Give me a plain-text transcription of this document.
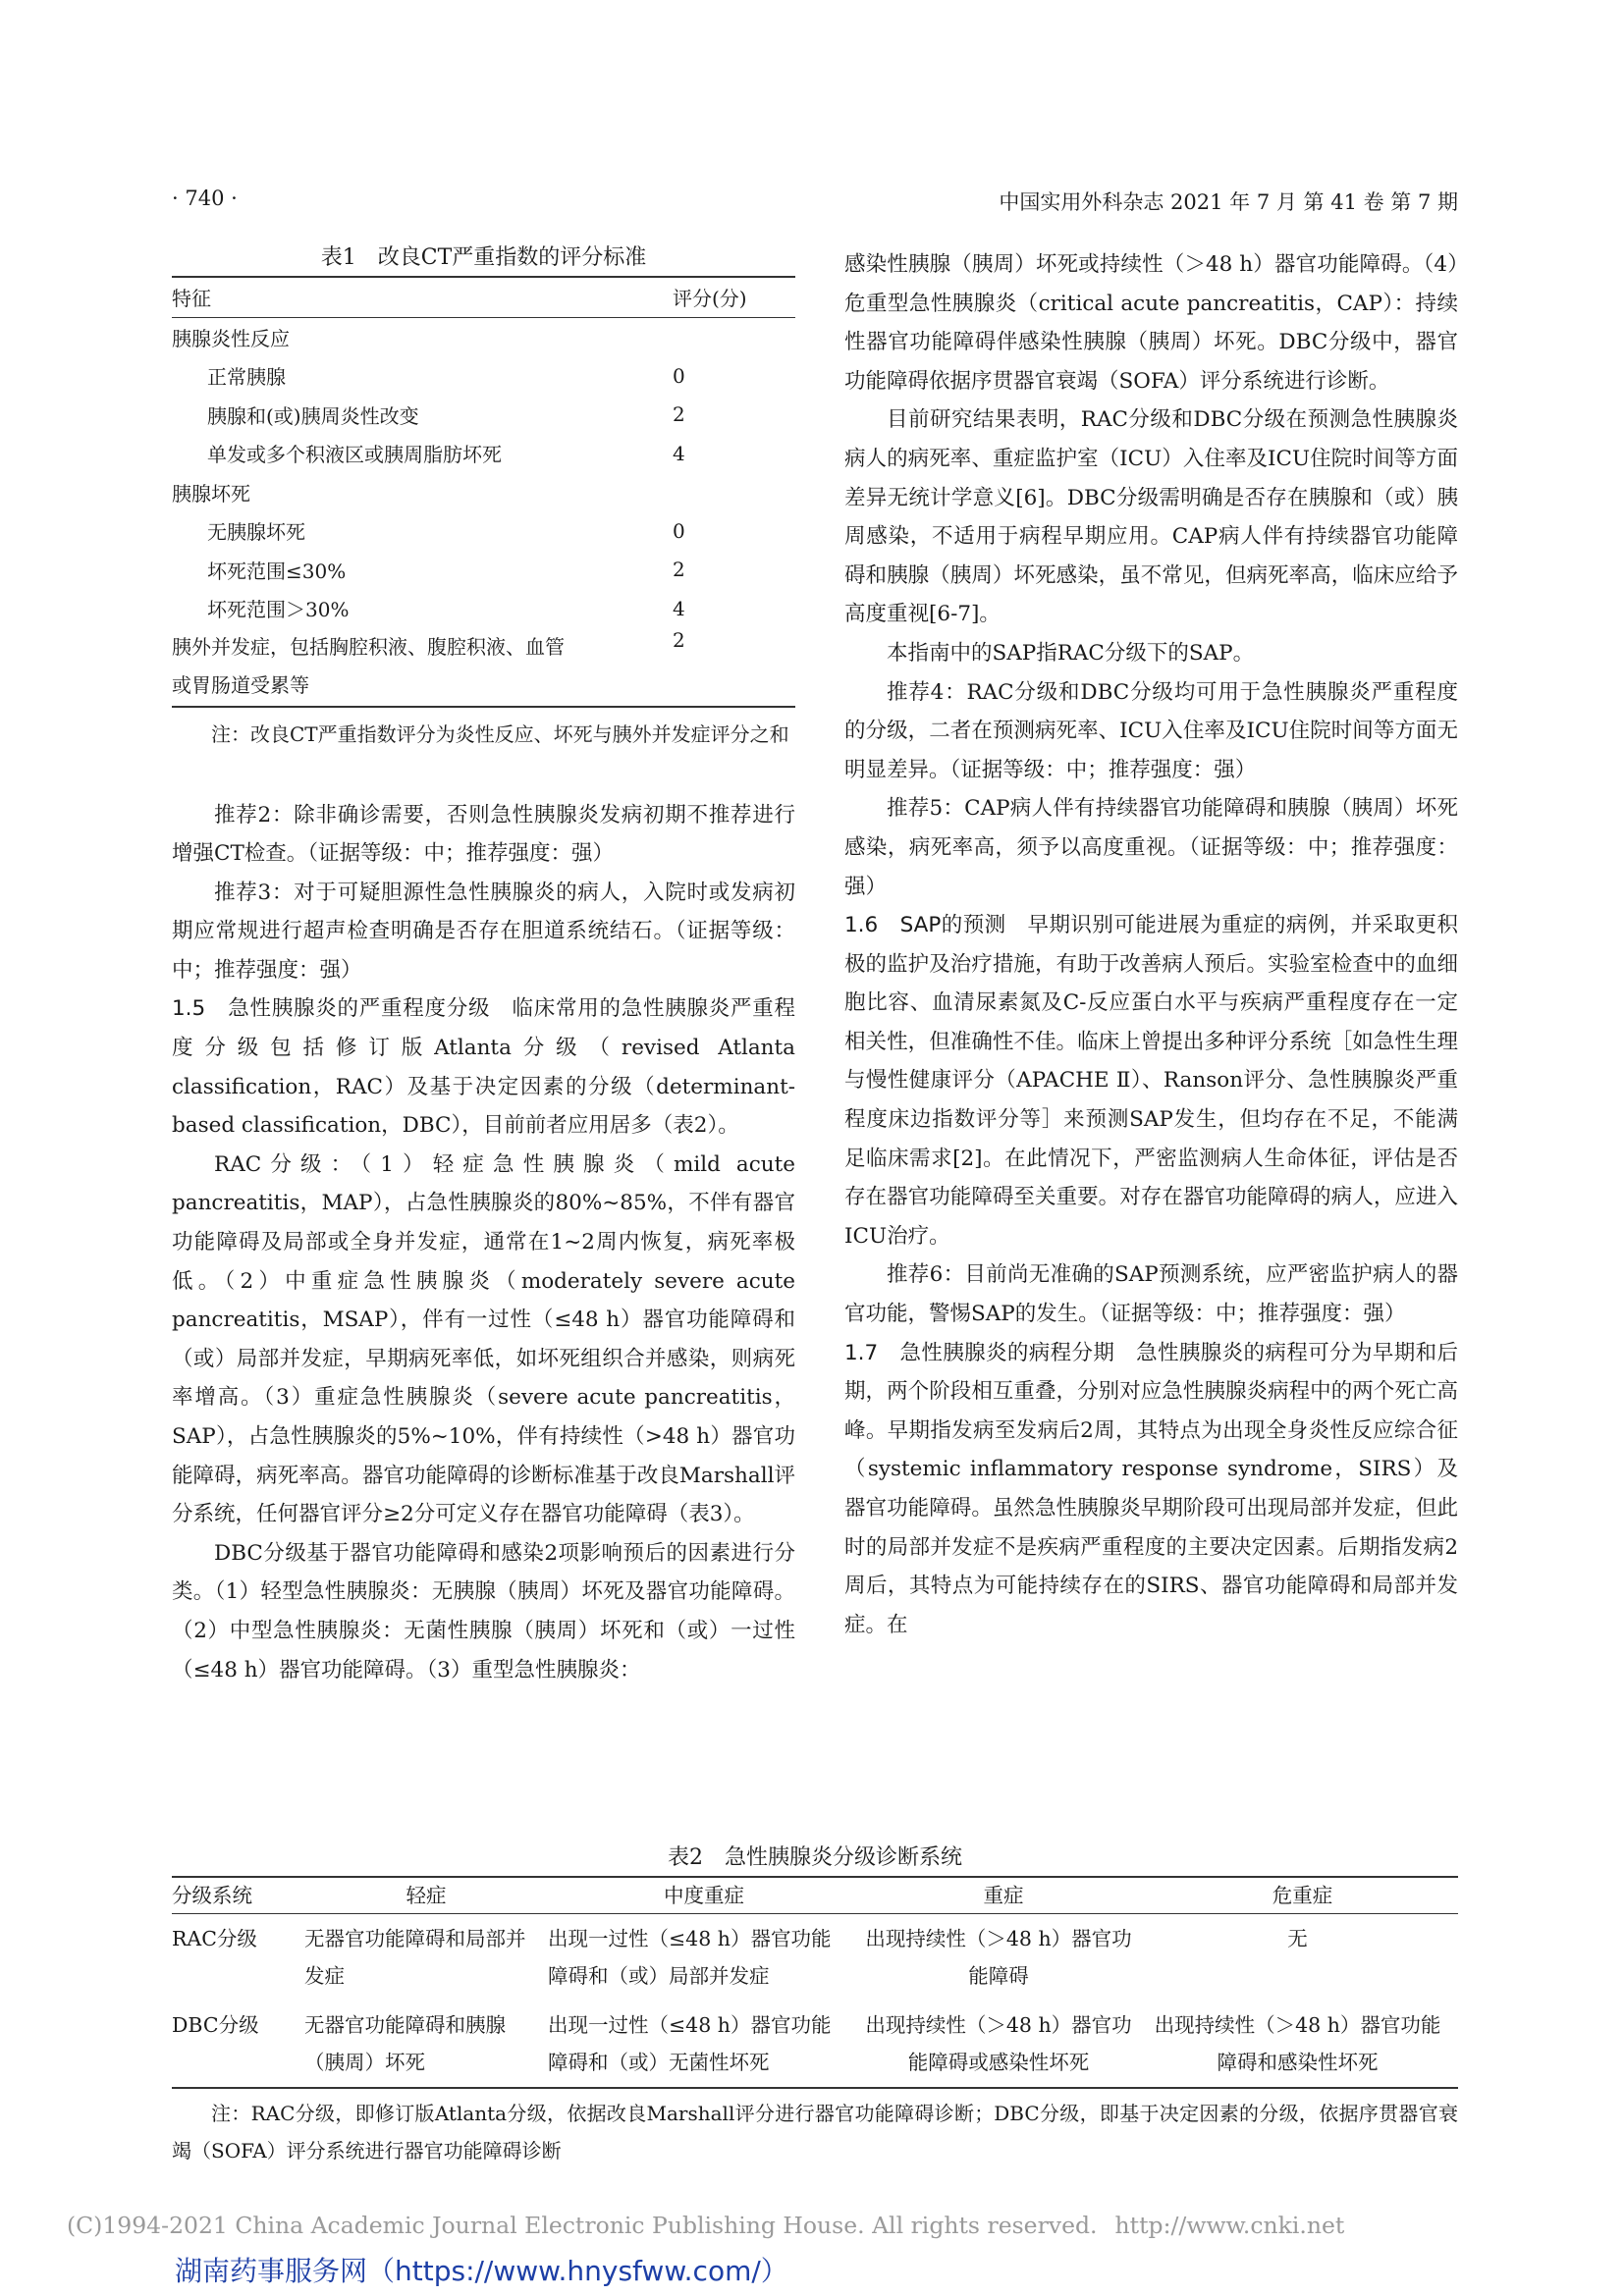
· 740 ·	中国实用外科杂志 2021 年 7 月 第 41 卷 第 7 期
表1　改良CT严重指数的评分标准
特征	评分(分)
胰腺炎性反应	
正常胰腺	0
胰腺和(或)胰周炎性改变	2
单发或多个积液区或胰周脂肪坏死	4
胰腺坏死	
无胰腺坏死	0
坏死范围≤30%	2
坏死范围＞30%	4
胰外并发症，包括胸腔积液、腹腔积液、血管或胃肠道受累等	2
注：改良CT严重指数评分为炎性反应、坏死与胰外并发症评分之和

推荐2：除非确诊需要，否则急性胰腺炎发病初期不推荐进行增强CT检查。（证据等级：中；推荐强度：强）

推荐3：对于可疑胆源性急性胰腺炎的病人，入院时或发病初期应常规进行超声检查明确是否存在胆道系统结石。（证据等级：中；推荐强度：强）

1.5　急性胰腺炎的严重程度分级　临床常用的急性胰腺炎严重程度分级包括修订版Atlanta分级（revised Atlanta classification，RAC）及基于决定因素的分级（determinant-based classification，DBC），目前前者应用居多（表2）。

RAC分级：（1）轻症急性胰腺炎（mild acute pancreatitis，MAP），占急性胰腺炎的80%~85%，不伴有器官功能障碍及局部或全身并发症，通常在1~2周内恢复，病死率极低。（2）中重症急性胰腺炎（moderately severe acute pancreatitis，MSAP），伴有一过性（≤48 h）器官功能障碍和（或）局部并发症，早期病死率低，如坏死组织合并感染，则病死率增高。（3）重症急性胰腺炎（severe acute pancreatitis，SAP），占急性胰腺炎的5%~10%，伴有持续性（>48 h）器官功能障碍，病死率高。器官功能障碍的诊断标准基于改良Marshall评分系统，任何器官评分≥2分可定义存在器官功能障碍（表3）。

DBC分级基于器官功能障碍和感染2项影响预后的因素进行分类。（1）轻型急性胰腺炎：无胰腺（胰周）坏死及器官功能障碍。（2）中型急性胰腺炎：无菌性胰腺（胰周）坏死和（或）一过性（≤48 h）器官功能障碍。（3）重型急性胰腺炎：

感染性胰腺（胰周）坏死或持续性（＞48 h）器官功能障碍。（4）危重型急性胰腺炎（critical acute pancreatitis，CAP）：持续性器官功能障碍伴感染性胰腺（胰周）坏死。DBC分级中，器官功能障碍依据序贯器官衰竭（SOFA）评分系统进行诊断。

目前研究结果表明，RAC分级和DBC分级在预测急性胰腺炎病人的病死率、重症监护室（ICU）入住率及ICU住院时间等方面差异无统计学意义[6]。DBC分级需明确是否存在胰腺和（或）胰周感染，不适用于病程早期应用。CAP病人伴有持续器官功能障碍和胰腺（胰周）坏死感染，虽不常见，但病死率高，临床应给予高度重视[6-7]。

本指南中的SAP指RAC分级下的SAP。

推荐4：RAC分级和DBC分级均可用于急性胰腺炎严重程度的分级，二者在预测病死率、ICU入住率及ICU住院时间等方面无明显差异。（证据等级：中；推荐强度：强）

推荐5：CAP病人伴有持续器官功能障碍和胰腺（胰周）坏死感染，病死率高，须予以高度重视。（证据等级：中；推荐强度：强）

1.6　SAP的预测　早期识别可能进展为重症的病例，并采取更积极的监护及治疗措施，有助于改善病人预后。实验室检查中的血细胞比容、血清尿素氮及C-反应蛋白水平与疾病严重程度存在一定相关性，但准确性不佳。临床上曾提出多种评分系统［如急性生理与慢性健康评分（APACHE Ⅱ）、Ranson评分、急性胰腺炎严重程度床边指数评分等］来预测SAP发生，但均存在不足，不能满足临床需求[2]。在此情况下，严密监测病人生命体征，评估是否存在器官功能障碍至关重要。对存在器官功能障碍的病人，应进入ICU治疗。

推荐6：目前尚无准确的SAP预测系统，应严密监护病人的器官功能，警惕SAP的发生。（证据等级：中；推荐强度：强）

1.7　急性胰腺炎的病程分期　急性胰腺炎的病程可分为早期和后期，两个阶段相互重叠，分别对应急性胰腺炎病程中的两个死亡高峰。早期指发病至发病后2周，其特点为出现全身炎性反应综合征（systemic inflammatory response syndrome，SIRS）及器官功能障碍。虽然急性胰腺炎早期阶段可出现局部并发症，但此时的局部并发症不是疾病严重程度的主要决定因素。后期指发病2周后，其特点为可能持续存在的SIRS、器官功能障碍和局部并发症。在

表2　急性胰腺炎分级诊断系统
分级系统	轻症	中度重症	重症	危重症
RAC分级	无器官功能障碍和局部并发症	出现一过性（≤48 h）器官功能障碍和（或）局部并发症	出现持续性（＞48 h）器官功能障碍	无
DBC分级	无器官功能障碍和胰腺（胰周）坏死	出现一过性（≤48 h）器官功能障碍和（或）无菌性坏死	出现持续性（＞48 h）器官功能障碍或感染性坏死	出现持续性（＞48 h）器官功能障碍和感染性坏死
注：RAC分级，即修订版Atlanta分级，依据改良Marshall评分进行器官功能障碍诊断；DBC分级，即基于决定因素的分级，依据序贯器官衰竭（SOFA）评分系统进行器官功能障碍诊断
(C)1994-2021 China Academic Journal Electronic Publishing House. All rights reserved. http://www.cnki.net
湖南药事服务网（https://www.hnysfww.com/）
